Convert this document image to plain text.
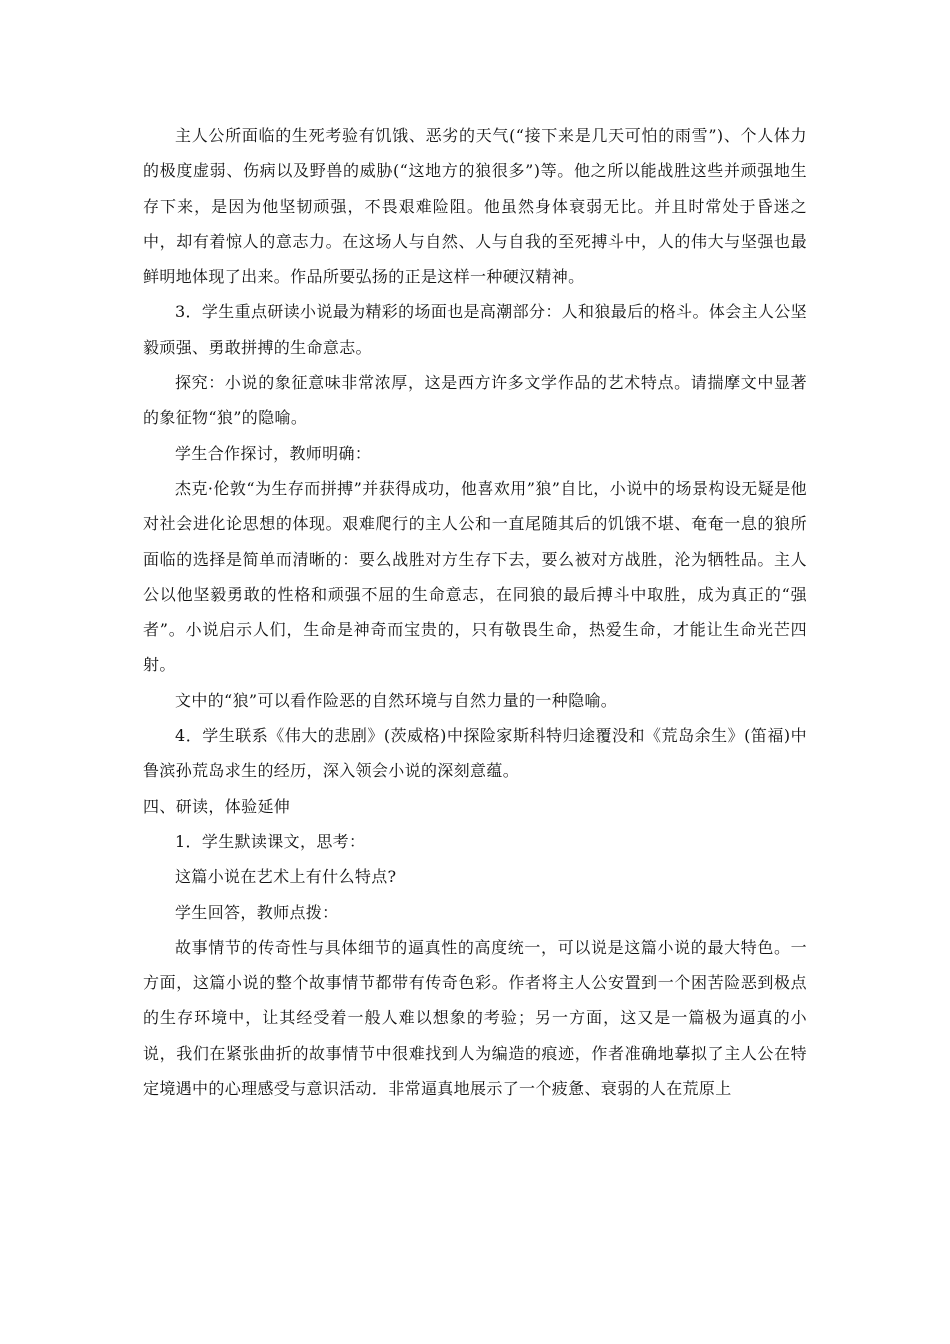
主人公所面临的生死考验有饥饿、恶劣的天气(“接下来是几天可怕的雨雪”)、个人体力的极度虚弱、伤病以及野兽的威胁(“这地方的狼很多”)等。他之所以能战胜这些并顽强地生存下来，是因为他坚韧顽强，不畏艰难险阻。他虽然身体衰弱无比。并且时常处于昏迷之中，却有着惊人的意志力。在这场人与自然、人与自我的至死搏斗中，人的伟大与坚强也最鲜明地体现了出来。作品所要弘扬的正是这样一种硬汉精神。

3．学生重点研读小说最为精彩的场面也是高潮部分：人和狼最后的格斗。体会主人公坚毅顽强、勇敢拼搏的生命意志。

探究：小说的象征意味非常浓厚，这是西方许多文学作品的艺术特点。请揣摩文中显著的象征物“狼”的隐喻。

学生合作探讨，教师明确：

杰克·伦敦“为生存而拼搏”并获得成功，他喜欢用”狼”自比，小说中的场景构设无疑是他对社会进化论思想的体现。艰难爬行的主人公和一直尾随其后的饥饿不堪、奄奄一息的狼所面临的选择是简单而清晰的：要么战胜对方生存下去，要么被对方战胜，沦为牺牲品。主人公以他坚毅勇敢的性格和顽强不屈的生命意志，在同狼的最后搏斗中取胜，成为真正的“强者”。小说启示人们，生命是神奇而宝贵的，只有敬畏生命，热爱生命，才能让生命光芒四射。

文中的“狼”可以看作险恶的自然环境与自然力量的一种隐喻。

4．学生联系《伟大的悲剧》(茨威格)中探险家斯科特归途覆没和《荒岛余生》(笛福)中鲁滨孙荒岛求生的经历，深入领会小说的深刻意蕴。

四、研读，体验延伸

1．学生默读课文，思考：

这篇小说在艺术上有什么特点?

学生回答，教师点拨：

故事情节的传奇性与具体细节的逼真性的高度统一，可以说是这篇小说的最大特色。一方面，这篇小说的整个故事情节都带有传奇色彩。作者将主人公安置到一个困苦险恶到极点的生存环境中，让其经受着一般人难以想象的考验；另一方面，这又是一篇极为逼真的小说，我们在紧张曲折的故事情节中很难找到人为编造的痕迹，作者准确地摹拟了主人公在特定境遇中的心理感受与意识活动．非常逼真地展示了一个疲惫、衰弱的人在荒原上
